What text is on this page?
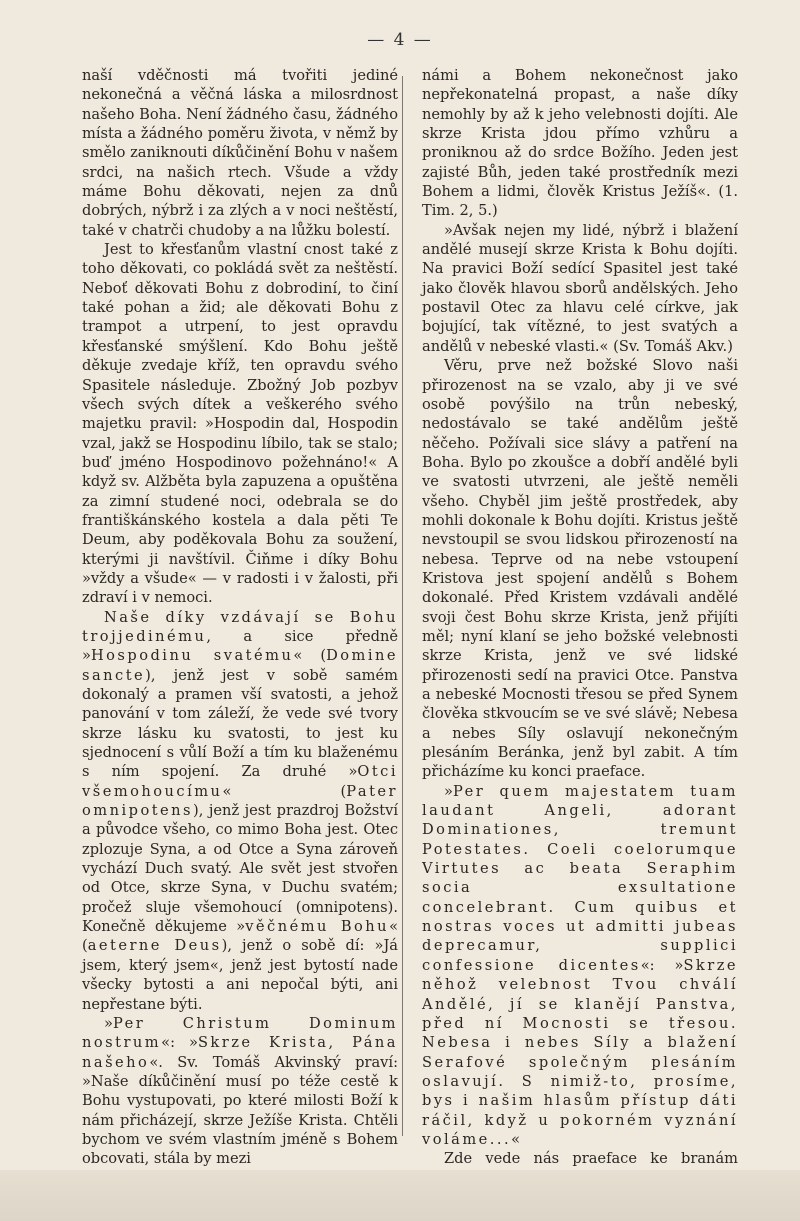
— 4 —

naší vděčnosti má tvořiti jediné nekonečná a věčná láska a milosrdnost našeho Boha. Není žádného času, žádného místa a žádného poměru života, v němž by smělo zaniknouti díkůčinění Bohu v našem srdci, na našich rtech. Všude a vždy máme Bohu děkovati, nejen za dnů dobrých, nýbrž i za zlých a v noci neštěstí, také v chatrči chudoby a na lůžku bolestí.

Jest to křesťanům vlastní cnost také z toho děkovati, co pokládá svět za neštěstí. Neboť děkovati Bohu z dobrodiní, to činí také pohan a žid; ale děkovati Bohu z trampot a utrpení, to jest opravdu křesťanské smýšlení. Kdo Bohu ještě děkuje zvedaje kříž, ten opravdu svého Spasitele následuje. Zbožný Job pozbyv všech svých dítek a veškerého svého majetku pravil: »Hospodin dal, Hospodin vzal, jakž se Hospodinu líbilo, tak se stalo; buď jméno Hospodinovo požehnáno!« A když sv. Alžběta byla zapuzena a opuštěna za zimní studené noci, odebrala se do františkánského kostela a dala pěti Te Deum, aby poděkovala Bohu za soužení, kterými ji navštívil. Čiňme i díky Bohu »vždy a všude« — v radosti i v žalosti, při zdraví i v nemoci.

Naše díky vzdávají se Bohu trojjedinému, a sice předně »Hospodinu svatému« (Domine sancte), jenž jest v sobě samém dokonalý a pramen vší svatosti, a jehož panování v tom záleží, že vede své tvory skrze lásku ku svatosti, to jest ku sjednocení s vůlí Boží a tím ku blaženému s ním spojení. Za druhé »Otci všemohoucímu« (Pater omnipotens), jenž jest prazdroj Božství a původce všeho, co mimo Boha jest. Otec zplozuje Syna, a od Otce a Syna zároveň vychází Duch svatý. Ale svět jest stvořen od Otce, skrze Syna, v Duchu svatém; pročež sluje všemohoucí (omnipotens). Konečně děkujeme »věčnému Bohu« (aeterne Deus), jenž o sobě dí: »Já jsem, který jsem«, jenž jest bytostí nade všecky bytosti a ani nepočal býti, ani nepřestane býti.

»Per Christum Dominum nostrum«: »Skrze Krista, Pána našeho«. Sv. Tomáš Akvinský praví: »Naše díkůčinění musí po téže cestě k Bohu vystupovati, po které milosti Boží k nám přicházejí, skrze Ježíše Krista. Chtěli bychom ve svém vlastním jméně s Bohem obcovati, stála by mezi

námi a Bohem nekonečnost jako nepřekonatelná propast, a naše díky nemohly by až k jeho velebnosti dojíti. Ale skrze Krista jdou přímo vzhůru a proniknou až do srdce Božího. Jeden jest zajisté Bůh, jeden také prostředník mezi Bohem a lidmi, člověk Kristus Ježíš«. (1. Tim. 2, 5.)

»Avšak nejen my lidé, nýbrž i blažení andělé musejí skrze Krista k Bohu dojíti. Na pravici Boží sedící Spasitel jest také jako člověk hlavou sborů andělských. Jeho postavil Otec za hlavu celé církve, jak bojující, tak vítězné, to jest svatých a andělů v nebeské vlasti.« (Sv. Tomáš Akv.)

Věru, prve než božské Slovo naši přirozenost na se vzalo, aby ji ve své osobě povýšilo na trůn nebeský, nedostávalo se také andělům ještě něčeho. Požívali sice slávy a patření na Boha. Bylo po zkoušce a dobří andělé byli ve svatosti utvrzeni, ale ještě neměli všeho. Chyběl jim ještě prostředek, aby mohli dokonale k Bohu dojíti. Kristus ještě nevstoupil se svou lidskou přirozeností na nebesa. Teprve od na nebe vstoupení Kristova jest spojení andělů s Bohem dokonalé. Před Kristem vzdávali andělé svoji čest Bohu skrze Krista, jenž přijíti měl; nyní klaní se jeho božské velebnosti skrze Krista, jenž ve své lidské přirozenosti sedí na pravici Otce. Panstva a nebeské Mocnosti třesou se před Synem člověka stkvoucím se ve své slávě; Nebesa a nebes Síly oslavují nekonečným plesáním Beránka, jenž byl zabit. A tím přicházíme ku konci praeface.

»Per quem majestatem tuam laudant Angeli, adorant Dominationes, tremunt Potestates. Coeli coelorumque Virtutes ac beata Seraphim socia exsultatione concelebrant. Cum quibus et nostras voces ut admitti jubeas deprecamur, supplici confessione dicentes«: »Skrze něhož velebnost Tvou chválí Andělé, jí se klanějí Panstva, před ní Mocnosti se třesou. Nebesa i nebes Síly a blažení Serafové společným plesáním oslavují. S nimiž-to, prosíme, bys i našim hlasům přístup dáti ráčil, když u pokorném vyznání voláme...«

Zde vede nás praeface ke branám
